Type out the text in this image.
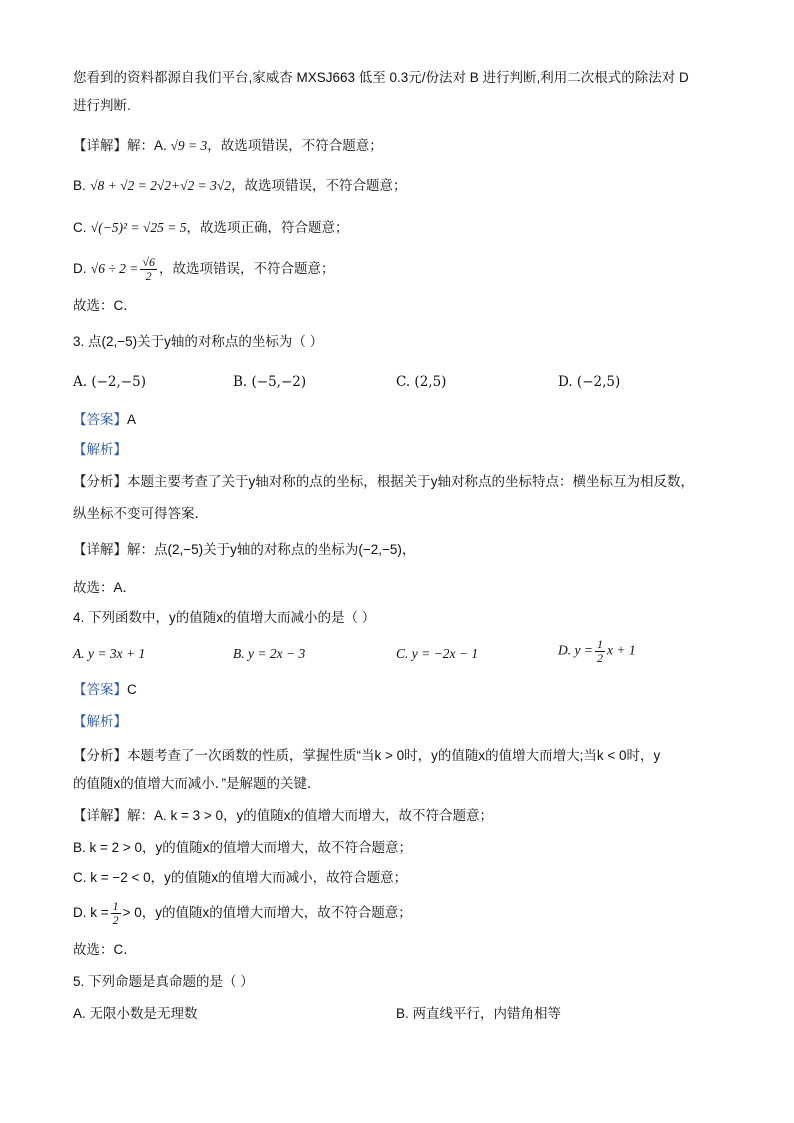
您看到的资料都源自我们平台,家威杏 MXSJ663 低至 0.3元/份法对 B 进行判断,利用二次根式的除法对 D
进行判断.
【详解】解：A. √9 = 3，故选项错误，不符合题意；
B. √8 + √2 = 2√2+√2 = 3√2，故选项错误，不符合题意；
C. √(−5)² = √25 = 5，故选项正确，符合题意；
D. $√6 \div 2 = \frac{√6}{2}$ ，故选项错误，不符合题意；
故选：C．
3. 点(2,−5)关于y轴的对称点的坐标为（ ）
A. (−2,−5)	B. (−5,−2)	C. (2,5)	D. (−2,5)
【答案】A
【解析】
【分析】本题主要考查了关于y轴对称的点的坐标，根据关于y轴对称点的坐标特点：横坐标互为相反数，
纵坐标不变可得答案．
【详解】解：点(2,−5)关于y轴的对称点的坐标为(−2,−5)，
故选：A．
4. 下列函数中，y的值随x的值增大而减小的是（ ）
A. y = 3x + 1	B. y = 2x − 3	C. y = −2x − 1	D. $y = \frac{1}{2}$ x + 1
【答案】C
【解析】
【分析】本题考查了一次函数的性质，掌握性质“当k > 0时，y的值随x的值增大而增大;当k < 0时，y
的值随x的值增大而减小．”是解题的关键．
【详解】解：A. k = 3 > 0，y的值随x的值增大而增大，故不符合题意；
B. k = 2 > 0，y的值随x的值增大而增大，故不符合题意；
C. k = −2 < 0，y的值随x的值增大而减小，故符合题意；
D. $k = \frac{1}{2} > 0$，y的值随x的值增大而增大，故不符合题意；
故选：C．
5. 下列命题是真命题的是（ ）
A. 无限小数是无理数	B. 两直线平行，内错角相等
